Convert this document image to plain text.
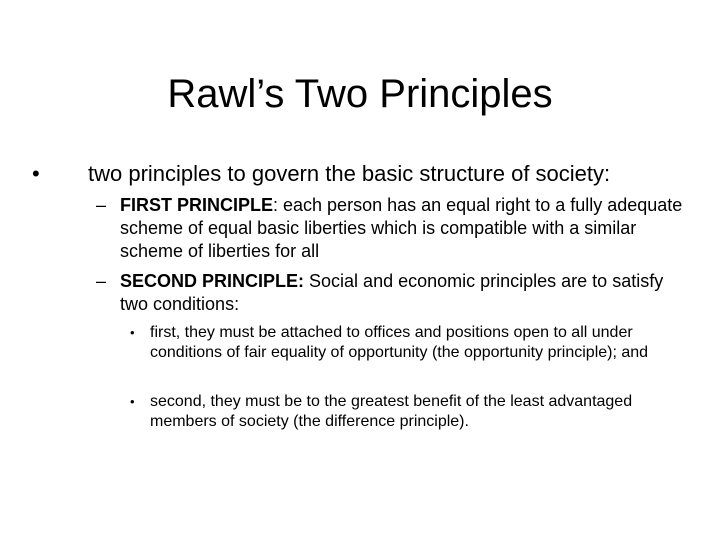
Rawl’s Two Principles
• two principles to govern the basic structure of society:
– FIRST PRINCIPLE: each person has an equal right to a fully adequate scheme of equal basic liberties which is compatible with a similar scheme of liberties for all
– SECOND PRINCIPLE: Social and economic principles are to satisfy two conditions:
• first, they must be attached to offices and positions open to all under conditions of fair equality of opportunity (the opportunity principle); and
• second, they must be to the greatest benefit of the least advantaged members of society (the difference principle).
